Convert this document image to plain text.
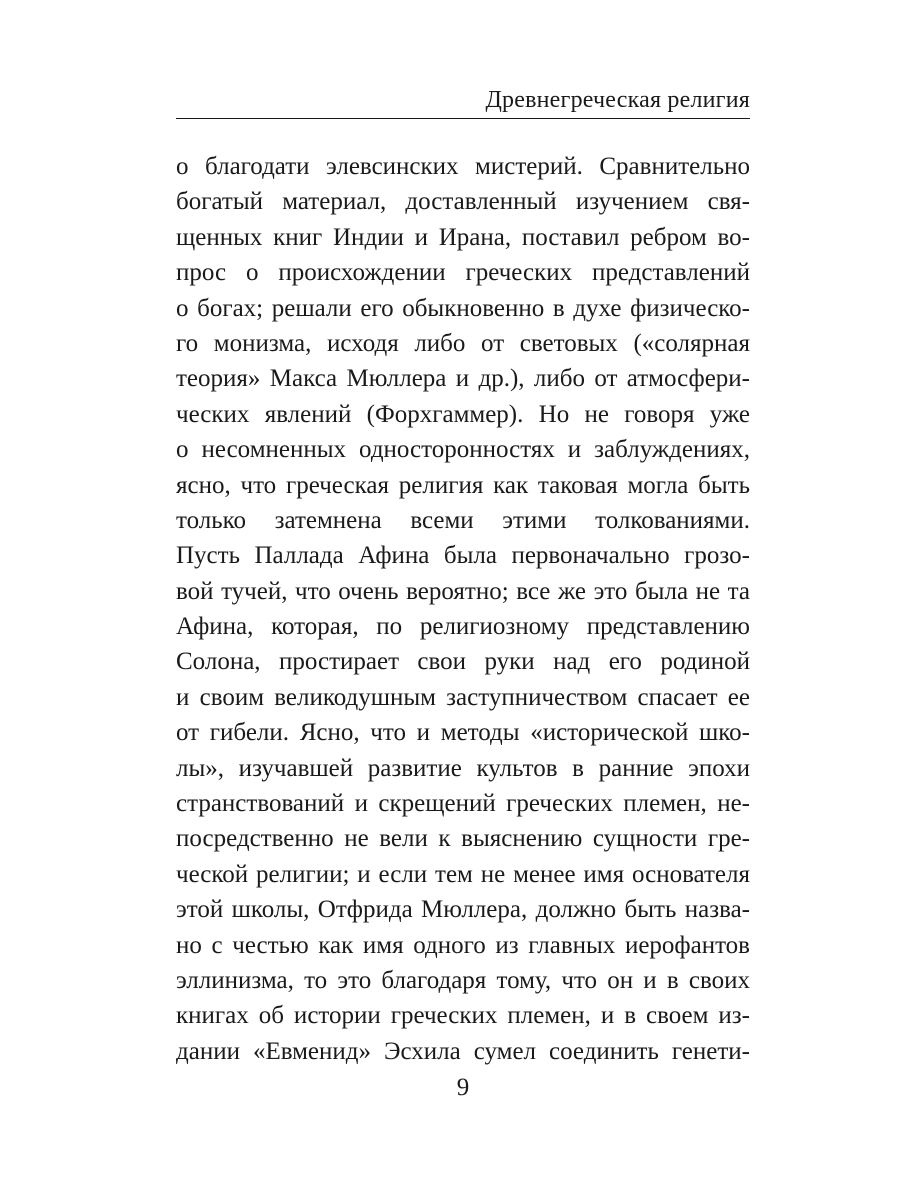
Древнегреческая религия
о благодати элевсинских мистерий. Сравнительно
богатый материал, доставленный изучением свя-
щенных книг Индии и Ирана, поставил ребром во-
прос о происхождении греческих представлений
о богах; решали его обыкновенно в духе физическо-
го монизма, исходя либо от световых («солярная
теория» Макса Мюллера и др.), либо от атмосфери-
ческих явлений (Форхгаммер). Но не говоря уже
о несомненных односторонностях и заблуждениях,
ясно, что греческая религия как таковая могла быть
только затемнена всеми этими толкованиями.
Пусть Паллада Афина была первоначально грозо-
вой тучей, что очень вероятно; все же это была не та
Афина, которая, по религиозному представлению
Солона, простирает свои руки над его родиной
и своим великодушным заступничеством спасает ее
от гибели. Ясно, что и методы «исторической шко-
лы», изучавшей развитие культов в ранние эпохи
странствований и скрещений греческих племен, не-
посредственно не вели к выяснению сущности гре-
ческой религии; и если тем не менее имя основателя
этой школы, Отфрида Мюллера, должно быть назва-
но с честью как имя одного из главных иерофантов
эллинизма, то это благодаря тому, что он и в своих
книгах об истории греческих племен, и в своем из-
дании «Евменид» Эсхила сумел соединить генети-
9
